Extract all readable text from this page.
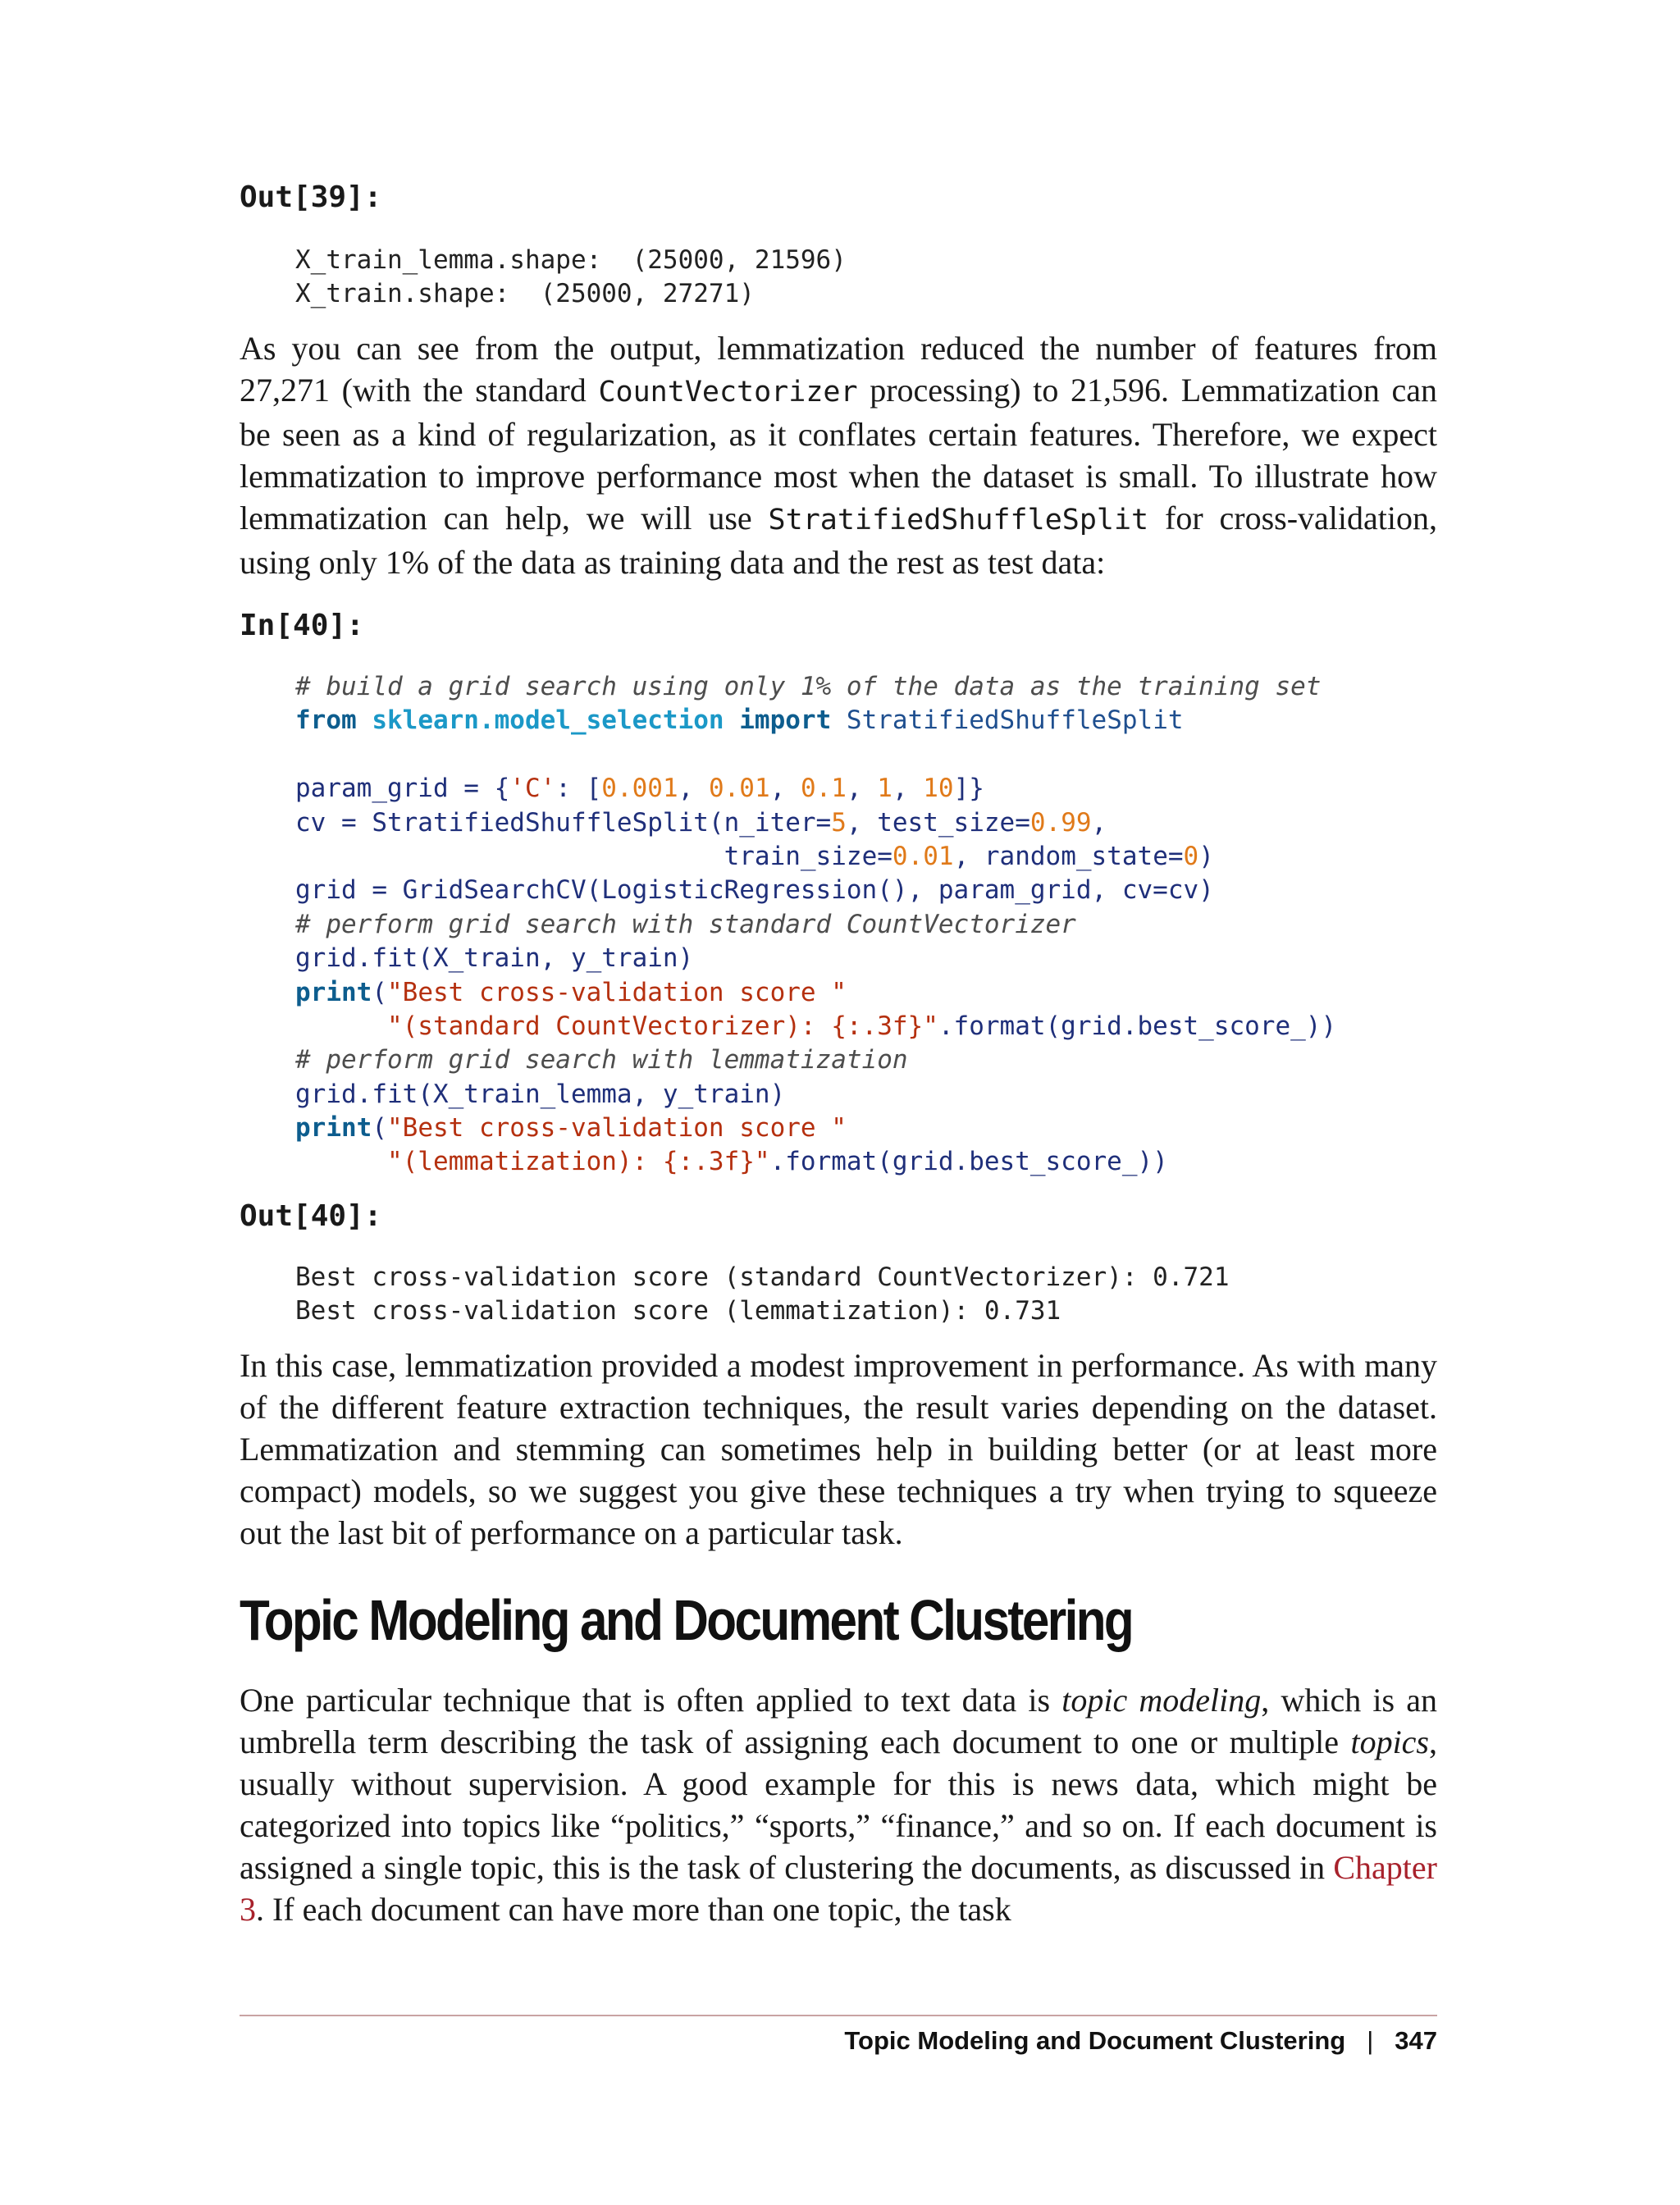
Out[39]:
X_train_lemma.shape:  (25000, 21596)
X_train.shape:  (25000, 27271)

As you can see from the output, lemmatization reduced the number of features from 27,271 (with the standard CountVectorizer processing) to 21,596. Lemmatization can be seen as a kind of regularization, as it conflates certain features. Therefore, we expect lemmatization to improve performance most when the dataset is small. To illustrate how lemmatization can help, we will use StratifiedShuffleSplit for cross-validation, using only 1% of the data as training data and the rest as test data:

In[40]:
# build a grid search using only 1% of the data as the training set
from sklearn.model_selection import StratifiedShuffleSplit

param_grid = {'C': [0.001, 0.01, 0.1, 1, 10]}
cv = StratifiedShuffleSplit(n_iter=5, test_size=0.99,
train_size=0.01, random_state=0)
grid = GridSearchCV(LogisticRegression(), param_grid, cv=cv)
# perform grid search with standard CountVectorizer
grid.fit(X_train, y_train)
print("Best cross-validation score "
"(standard CountVectorizer): {:.3f}".format(grid.best_score_))
# perform grid search with lemmatization
grid.fit(X_train_lemma, y_train)
print("Best cross-validation score "
"(lemmatization): {:.3f}".format(grid.best_score_))
Out[40]:
Best cross-validation score (standard CountVectorizer): 0.721
Best cross-validation score (lemmatization): 0.731

In this case, lemmatization provided a modest improvement in performance. As with many of the different feature extraction techniques, the result varies depending on the dataset. Lemmatization and stemming can sometimes help in building better (or at least more compact) models, so we suggest you give these techniques a try when trying to squeeze out the last bit of performance on a particular task.

Topic Modeling and Document Clustering

One particular technique that is often applied to text data is topic modeling, which is an umbrella term describing the task of assigning each document to one or multiple topics, usually without supervision. A good example for this is news data, which might be categorized into topics like “politics,” “sports,” “finance,” and so on. If each document is assigned a single topic, this is the task of clustering the documents, as discussed in Chapter 3. If each document can have more than one topic, the task

Topic Modeling and Document Clustering | 347
